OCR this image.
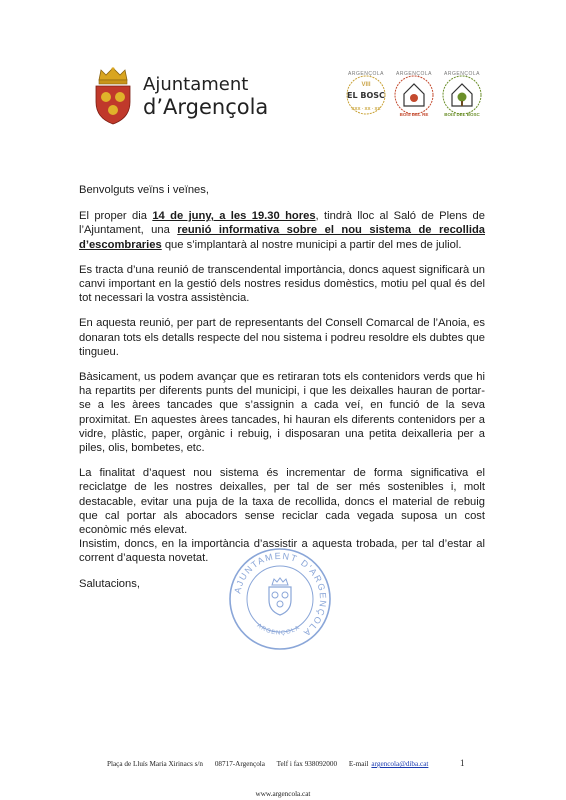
Ajuntament
d’Argençola
ARGENÇOLA
VIII
EL BOSC
XXX · XX · XX
ARGENÇOLA
BOIS DEL RE
ARGENÇOLA
BOIS DEL BOSC

Benvolguts veïns i veïnes,

El proper dia 14 de juny, a les 19.30 hores, tindrà lloc al Saló de Plens de l’Ajuntament, una reunió informativa sobre el nou sistema de recollida d’escombraries que s’implantarà al nostre municipi a partir del mes de juliol.

Es tracta d’una reunió de transcendental importància, doncs aquest significarà un canvi important en la gestió dels nostres residus domèstics, motiu pel qual és del tot necessari la vostra assistència.

En aquesta reunió, per part de representants del Consell Comarcal de l’Anoia, es donaran tots els detalls respecte del nou sistema i podreu resoldre els dubtes que tingueu.

Bàsicament, us podem avançar que es retiraran tots els contenidors verds que hi ha repartits per diferents punts del municipi, i que les deixalles hauran de portar-se a les àrees tancades que s’assignin a cada veí, en funció de la seva proximitat. En aquestes àrees tancades, hi hauran els diferents contenidors per a vidre, plàstic, paper, orgànic i rebuig, i disposaran una petita deixalleria per a piles, olis, bombetes, etc.

La finalitat d’aquest nou sistema és incrementar de forma significativa el reciclatge de les nostres deixalles, per tal de ser més sostenibles i, molt destacable, evitar una puja de la taxa de recollida, doncs el material de rebuig que cal portar als abocadors sense reciclar cada vegada suposa un cost econòmic més elevat.

Insistim, doncs, en la importància d’assistir a aquesta trobada, per tal d’estar al corrent d’aquesta novetat.

Salutacions,	AJUNTAMENT D'ARGENÇOLA
ARGENÇOLA
Plaça de Lluís Maria Xirinacs s/n 08717-Argençola Telf i fax 938092000 E-mail argencola@diba.cat	1
www.argencola.cat
